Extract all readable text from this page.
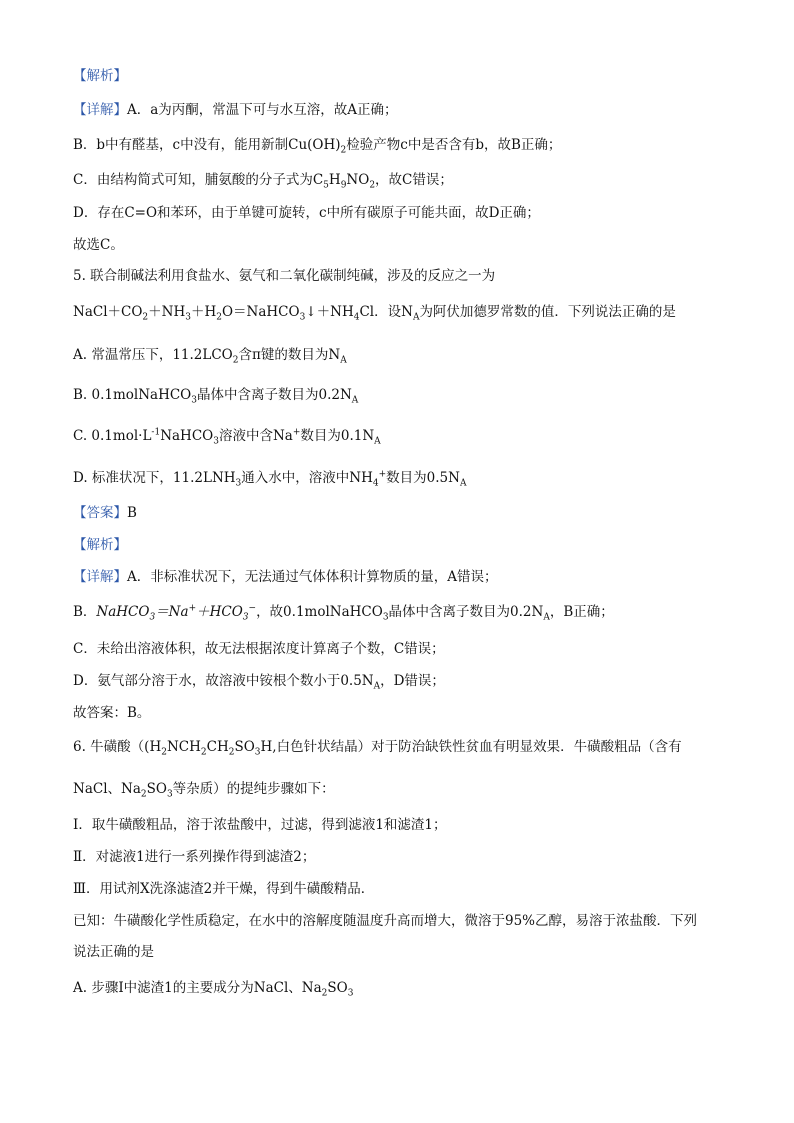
【解析】
【详解】A．a为丙酮，常温下可与水互溶，故A正确；
B．b中有醛基，c中没有，能用新制$Cu(OH)_2$检验产物c中是否含有b，故B正确；
C．由结构简式可知，脯氨酸的分子式为$C_5H_9NO_2$，故C错误；
D．存在C=O和苯环，由于单键可旋转，c中所有碳原子可能共面，故D正确；
故选C。
5. 联合制碱法利用食盐水、氨气和二氧化碳制纯碱，涉及的反应之一为
$NaCl+CO_2+NH_3+H_2O=NaHCO_3↓+NH_4Cl$．设$N_A$为阿伏加德罗常数的值．下列说法正确的是
A. 常温常压下，$11.2LCO_2$含π键的数目为$N_A$
B. 0.1molNaHCO$_3$晶体中含离子数目为$0.2N_A$
C. $0.1mol\cdot L^{-1}NaHCO_3$溶液中含Na+数目为$0.1N_A$
D. 标准状况下，$11.2LNH_3$通入水中，溶液中$NH_4^+$数目为$0.5N_A$
【答案】B
【解析】
【详解】A．非标准状况下，无法通过气体体积计算物质的量，A错误；
B．$NaHCO_3=Na^++HCO_3^-$，故0.1molNaHCO$_3$晶体中含离子数目为$0.2N_A$，B正确；
C．未给出溶液体积，故无法根据浓度计算离子个数，C错误；
D．氨气部分溶于水，故溶液中铵根个数小于$0.5N_A$，D错误；
故答案：B。
6. 牛磺酸（($H_2NCH_2CH_2SO_3H$,白色针状结晶）对于防治缺铁性贫血有明显效果．牛磺酸粗品（含有
NaCl、$Na_2SO_3$等杂质）的提纯步骤如下：
Ⅰ．取牛磺酸粗品，溶于浓盐酸中，过滤，得到滤液1和滤渣1；
Ⅱ．对滤液1进行一系列操作得到滤渣2；
Ⅲ．用试剂X洗涤滤渣2并干燥，得到牛磺酸精品．
已知：牛磺酸化学性质稳定，在水中的溶解度随温度升高而增大，微溶于95%乙醇，易溶于浓盐酸．下列
说法正确的是
A. 步骤Ⅰ中滤渣1的主要成分为NaCl、$Na_2SO_3$
